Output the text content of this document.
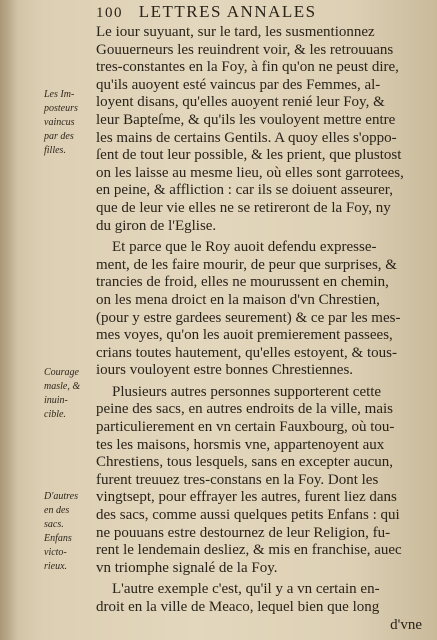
100 LETTRES ANNALES
Les Im-
posteurs
vaincus
par des
filles.
Courage
masle, &
inuin-
cible.
D'autres
en des
sacs.
Enfans
victo-
rieux.
Le iour suyuant, sur le tard, les susmentionnez
Gouuerneurs les reuindrent voir, & les retrouuans
tres-constantes en la Foy, à fin qu'on ne peust dire,
qu'ils auoyent esté vaincus par des Femmes, al-
loyent disans, qu'elles auoyent renié leur Foy, &
leur Bapteſme, & qu'ils les vouloyent mettre entre
les mains de certains Gentils. A quoy elles s'oppo-
ſent de tout leur possible, & les prient, que plustost
on les laisse au mesme lieu, où elles sont garrotees,
en peine, & affliction : car ils se doiuent asseurer,
que de leur vie elles ne se retireront de la Foy, ny
du giron de l'Eglise.
Et parce que le Roy auoit defendu expresse-
ment, de les faire mourir, de peur que surprises, &
trancies de froid, elles ne mourussent en chemin,
on les mena droict en la maison d'vn Chrestien,
(pour y estre gardees seurement) & ce par les mes-
mes voyes, qu'on les auoit premierement passees,
crians toutes hautement, qu'elles estoyent, & tous-
iours vouloyent estre bonnes Chrestiennes.
Plusieurs autres personnes supporterent cette
peine des sacs, en autres endroits de la ville, mais
particulierement en vn certain Fauxbourg, où tou-
tes les maisons, horsmis vne, appartenoyent aux
Chrestiens, tous lesquels, sans en excepter aucun,
furent treuuez tres-constans en la Foy. Dont les
vingtsept, pour effrayer les autres, furent liez dans
des sacs, comme aussi quelques petits Enfans : qui
ne pouuans estre destournez de leur Religion, fu-
rent le lendemain desliez, & mis en franchise, auec
vn triomphe signalé de la Foy.
L'autre exemple c'est, qu'il y a vn certain en-
droit en la ville de Meaco, lequel bien que long
d'vne
